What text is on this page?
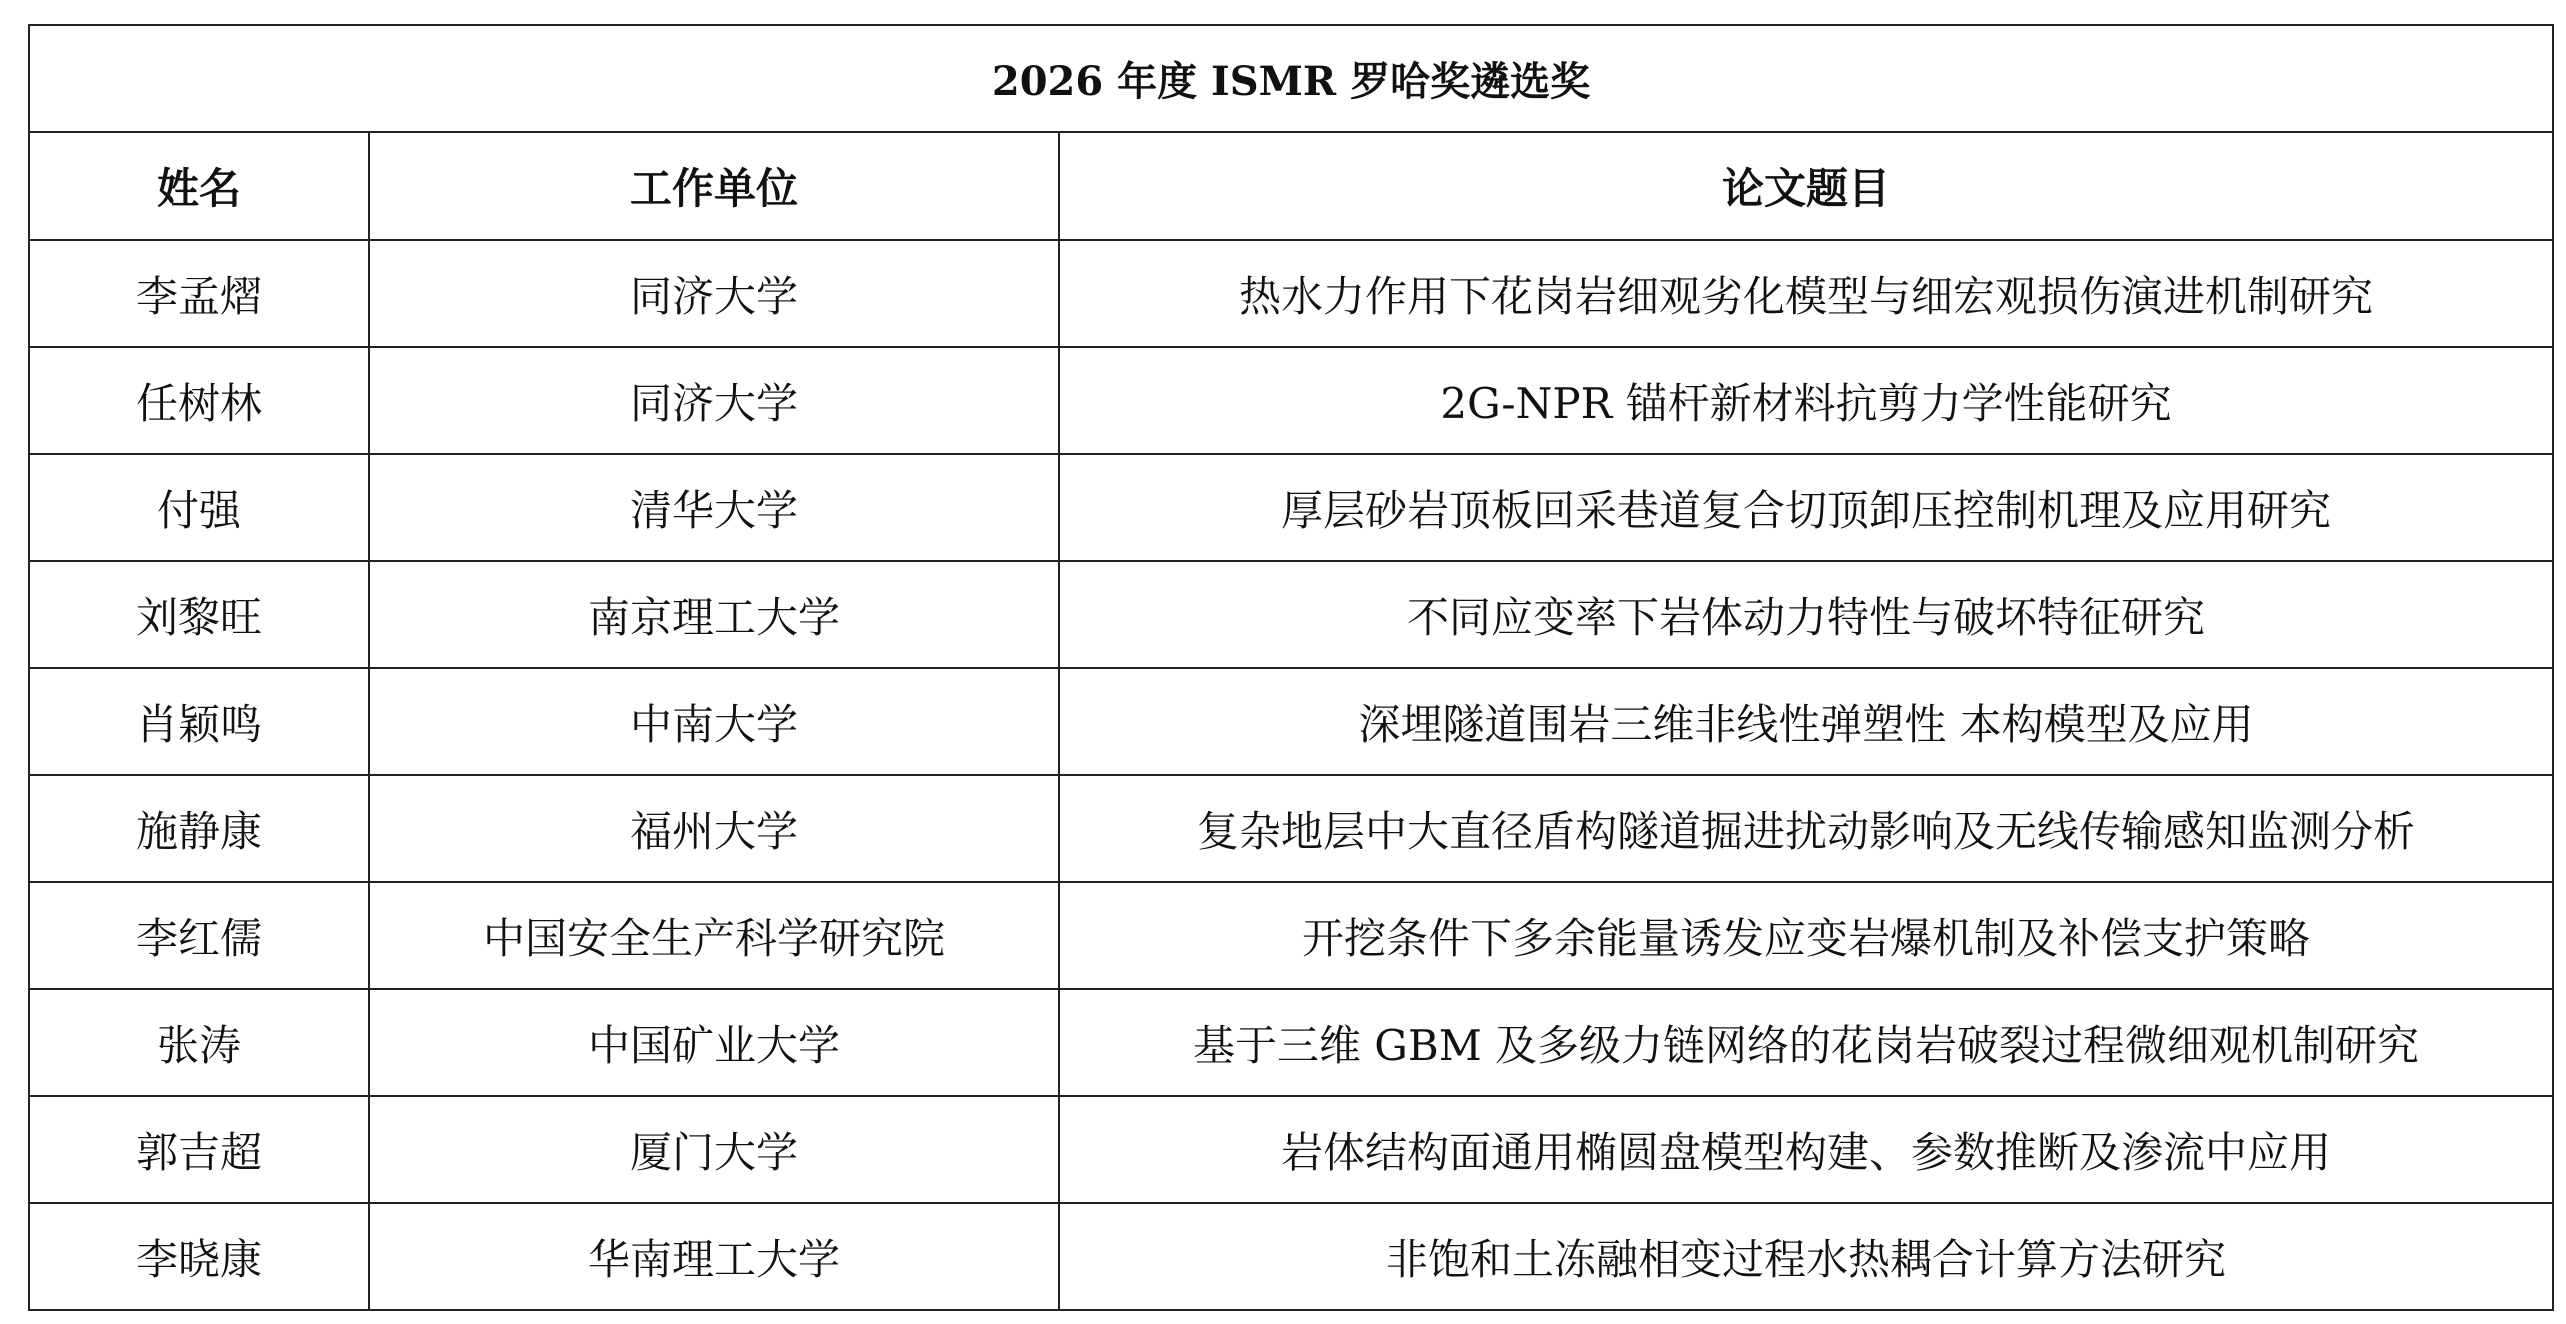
2026 年度 ISMR 罗哈奖遴选奖		
姓名	工作单位	论文题目
李孟熠	同济大学	热水力作用下花岗岩细观劣化模型与细宏观损伤演进机制研究
任树林	同济大学	2G-NPR 锚杆新材料抗剪力学性能研究
付强	清华大学	厚层砂岩顶板回采巷道复合切顶卸压控制机理及应用研究
刘黎旺	南京理工大学	不同应变率下岩体动力特性与破坏特征研究
肖颖鸣	中南大学	深埋隧道围岩三维非线性弹塑性 本构模型及应用
施静康	福州大学	复杂地层中大直径盾构隧道掘进扰动影响及无线传输感知监测分析
李红儒	中国安全生产科学研究院	开挖条件下多余能量诱发应变岩爆机制及补偿支护策略
张涛	中国矿业大学	基于三维 GBM 及多级力链网络的花岗岩破裂过程微细观机制研究
郭吉超	厦门大学	岩体结构面通用椭圆盘模型构建、参数推断及渗流中应用
李晓康	华南理工大学	非饱和土冻融相变过程水热耦合计算方法研究
